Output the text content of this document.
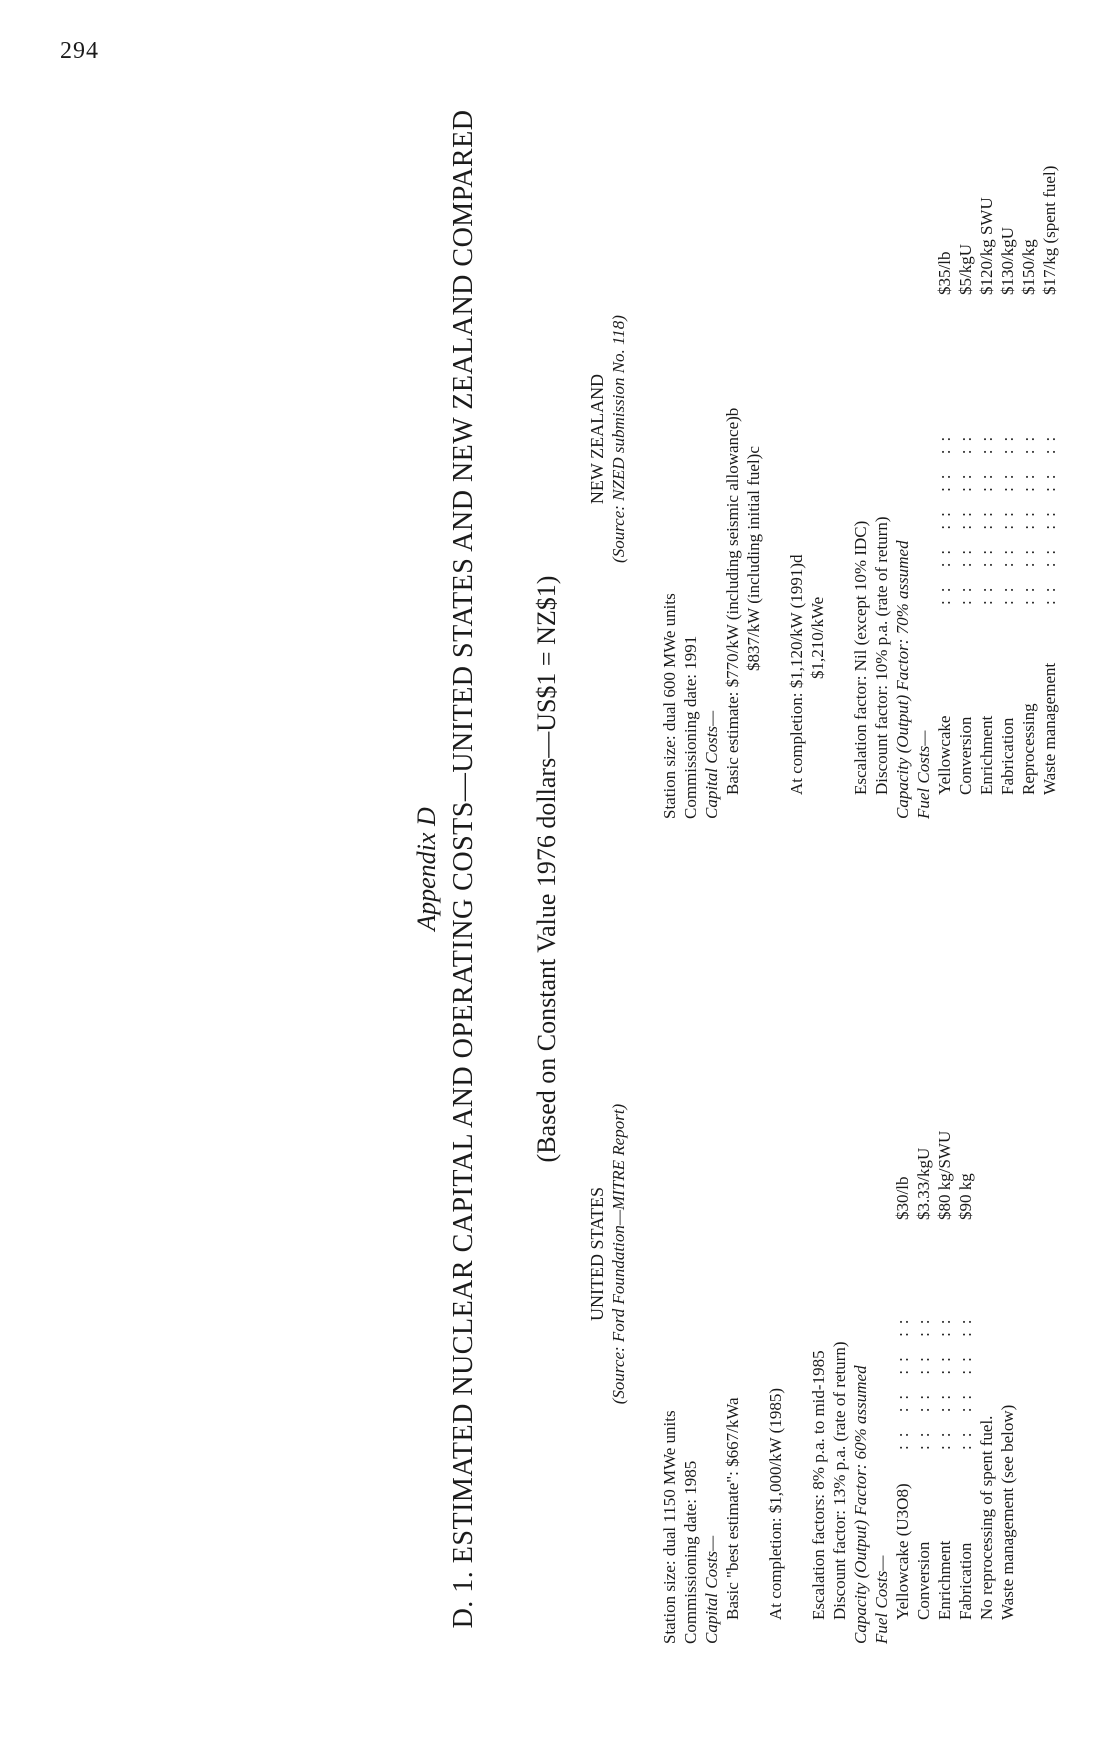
294
Appendix D D. 1. ESTIMATED NUCLEAR CAPITAL AND OPERATING COSTS—UNITED STATES AND NEW ZEALAND COMPARED (Based on Constant Value 1976 dollars—US$1 = NZ$1)
UNITED STATES (Source: Ford Foundation—MITRE Report)
Station size: dual 1150 MWe units Commissioning date: 1985 Capital Costs— Basic "best estimate": $667/kWa At completion: $1,000/kW (1985) Escalation factors: 8% p.a. to mid-1985 Discount factor: 13% p.a. (rate of return) Capacity (Output) Factor: 60% assumed Fuel Costs— Yellowcake (U3O8)
:: :: :: ::
$30/lb
Conversion
:: :: :: ::
$3.33/kgU
Enrichment
:: :: :: ::
$80 kg/SWU
Fabrication
:: :: :: ::
$90 kg
No reprocessing of spent fuel. Waste management (see below)
NEW ZEALAND (Source: NZED submission No. 118)
Station size: dual 600 MWe units Commissioning date: 1991 Capital Costs— Basic estimate: $770/kW (including seismic allowance)b $837/kW (including initial fuel)c At completion: $1,120/kW (1991)d $1,210/kWe Escalation factor: Nil (except 10% IDC) Discount factor: 10% p.a. (rate of return) Capacity (Output) Factor: 70% assumed Fuel Costs— Yellowcake
:: :: :: :: ::
$35/lb
Conversion
:: :: :: :: ::
$5/kgU
Enrichment
:: :: :: :: ::
$120/kg SWU
Fabrication
:: :: :: :: ::
$130/kgU
Reprocessing
:: :: :: :: ::
$150/kg
Waste management
:: :: :: :: ::
$17/kg (spent fuel)
